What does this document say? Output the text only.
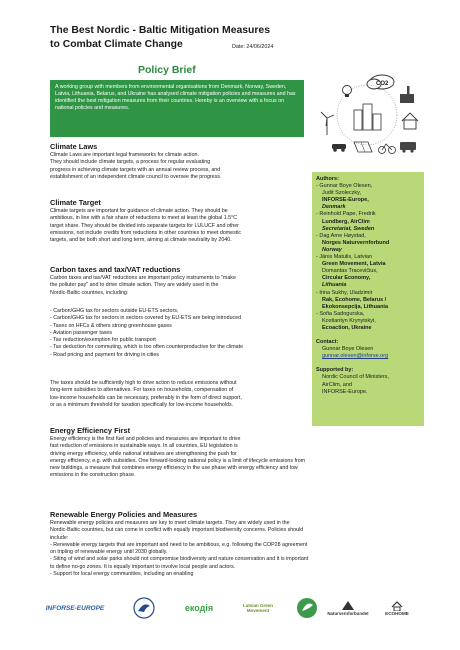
The Best Nordic - Baltic Mitigation Measures
to Combat Climate Change	Date: 24/06/2024
Policy Brief

A working group with members from environmental organisations from Denmark, Norway, Sweden, Latvia, Lithuania, Belarus, and Ukraine has analysed climate mitigation policies and measures and has identified the best mitigation measures from their countries. Hereby is an overview with a focus on national policies and measures.

CO2
Climate Laws

Climate Laws are important legal frameworks for climate action.

They should include climate targets, a process for regular evaluating

progress in achieving climate targets with an annual review process, and

establishment of an independent climate council to oversee the progress.

Climate Target

Climate targets are important for guidance of climate action. They should be

ambitious, in line with a fair share of reductions to meet at least the global 1.5°C

target share. They should be divided into separate targets for LULUCF and other

emissions, not include credits from reductions in other countries to meet domestic

targets, and be both short and long term, aiming at climate neutrality by 2040.

Carbon taxes and tax/VAT reductions

Carbon taxes and tax/VAT reductions are important policy instruments to "make

the polluter pay" and to drive climate action. They are widely used in the

Nordic-Baltic countries, including:

- Carbon/GHG tax for sectors outside EU-ETS sectors,

- Carbon/GHG tax for sectors in sectors covered by EU-ETS are being introduced

- Taxes on HFCs & others strong greenhouse gases

- Aviation passenger taxes

- Tax reduction/exemption for public transport

- Tax deduction for commuting, which is too often counterproductive for the climate

- Road pricing and payment for driving in cities

The taxes should be sufficiently high to drive action to reduce emissions without

long-term subsidies to alternatives. For taxes on households, compensation of

low-income households can be necessary, preferably in the form of direct support,

or as a minimum threshold for taxation specifically for low-income households.

Energy Efficiency First

Energy efficiency is the first fuel and policies and measures are important to drive

fast reduction of emissions in sustainable ways. In all countries, EU legislation is

driving energy efficiency, while national initiatives are strengthening the push for

energy efficiency, e.g. with subsidies. One forward-looking national policy is a limit of lifecycle emissions from

new buildings, a measure that combines energy efficiency in the use phase with energy efficiency and low

emissions in the construction phase.

Renewable Energy Policies and Measures

Renewable energy policies and measures are key to meet climate targets. They are widely used in the

Nordic-Baltic countries, but can come in conflict with equally important biodiversity concerns. Policies should

include:

- Renewable energy targets that are important and need to be ambitious, e.g. following the COP28 agreement

on tripling of renewable energy until 2030 globally.

- Siting of wind and solar parks should not compromise biodiversity and nature conservation and it is important

to define no-go zones. It is equally important to involve local people and actors.

- Support for local energy communities, including an enabling

Authors:
- Gunnar Boye Olesen,
Judit Szoleczky,
INFORSE-Europe,
Denmark
- Reinhold Pape, Fredrik
Lundberg, AirClim
Secretariat, Sweden
- Dag Arne Høystad,
Norges Naturvernforbund
Norway
- Jānis Matulis, Latvian
Green Movement, Latvia
Domantas Tracevičius,
Circular Economy,
Lithuania
- Irina Sukhy, Uladzimir
Rak, Ecohome, Belarus /
Ekokonsepcija, Lithuania
- Sofia Sadogurska,
Kostiantyn Krynytskyi,
Ecoaction, Ukraine
Contact:
Gunnar Boye Olesen
gunnar.olesen@inforse.org
Supported by:
Nordic Council of Ministers,
AirClim, and
INFORSE-Europe.
INFORSE-EUROPE	екодія	Latvian Green Movement	Naturvernforbundet	ECOHOME
